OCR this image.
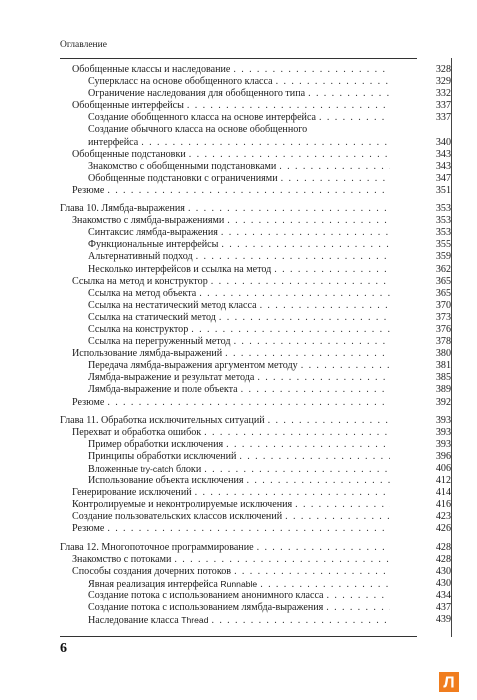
Оглавление
Обобщенные классы и наследование . . .	328
Суперкласс на основе обобщенного класса . . .	329
Ограничение наследования для обобщенного типа . . .	332
Обобщенные интерфейсы . . .	337
Создание обобщенного класса на основе интерфейса . . .	337
Создание обычного класса на основе обобщенного
интерфейса . . .	340
Обобщенные подстановки . . .	343
Знакомство с обобщенными подстановками . . .	343
Обобщенные подстановки с ограничениями . . .	347
Резюме . . .	351
Глава 10. Лямбда-выражения . . .	353
Знакомство с лямбда-выражениями . . .	353
Синтаксис лямбда-выражения . . .	353
Функциональные интерфейсы . . .	355
Альтернативный подход . . .	359
Несколько интерфейсов и ссылка на метод . . .	362
Ссылка на метод и конструктор . . .	365
Ссылка на метод объекта . . .	365
Ссылка на нестатический метод класса . . .	370
Ссылка на статический метод . . .	373
Ссылка на конструктор . . .	376
Ссылка на перегруженный метод . . .	378
Использование лямбда-выражений . . .	380
Передача лямбда-выражения аргументом методу . . .	381
Лямбда-выражение и результат метода . . .	385
Лямбда-выражение и поле объекта . . .	389
Резюме . . .	392
Глава 11. Обработка исключительных ситуаций . . .	393
Перехват и обработка ошибок . . .	393
Пример обработки исключения . . .	393
Принципы обработки исключений . . .	396
Вложенные try-catch блоки . . .	406
Использование объекта исключения . . .	412
Генерирование исключений . . .	414
Контролируемые и неконтролируемые исключения . . .	416
Создание пользовательских классов исключений . . .	423
Резюме . . .	426
Глава 12. Многопоточное программирование . . .	428
Знакомство с потоками . . .	428
Способы создания дочерних потоков . . .	430
Явная реализация интерфейса Runnable . . .	430
Создание потока с использованием анонимного класса . . .	434
Создание потока с использованием лямбда-выражения . . .	437
Наследование класса Thread . . .	439
6
Л
